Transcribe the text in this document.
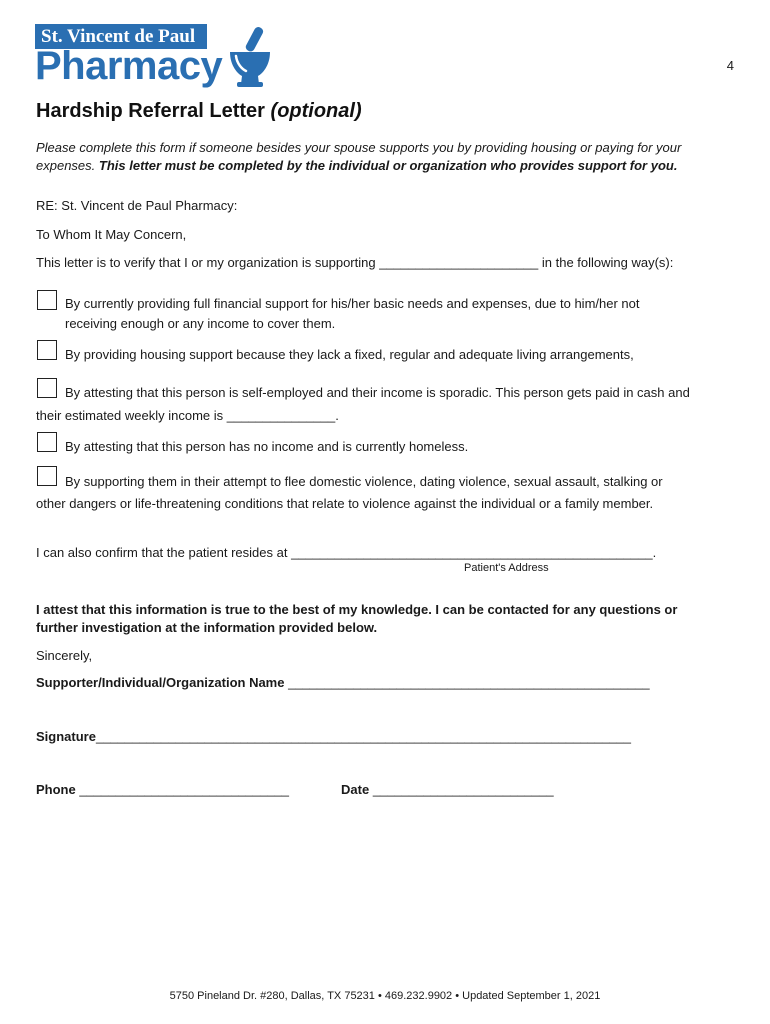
St. Vincent de Paul
Pharmacy	4
Hardship Referral Letter (optional)
Please complete this form if someone besides your spouse supports you by providing housing or paying for your expenses. This letter must be completed by the individual or organization who provides support for you.
RE: St. Vincent de Paul Pharmacy:
To Whom It May Concern,
This letter is to verify that I or my organization is supporting ______________________ in the following way(s):
By currently providing full financial support for his/her basic needs and expenses, due to him/her not
receiving enough or any income to cover them.
By providing housing support because they lack a fixed, regular and adequate living arrangements,
By attesting that this person is self-employed and their income is sporadic. This person gets paid in cash and
their estimated weekly income is _______________.
By attesting that this person has no income and is currently homeless.
By supporting them in their attempt to flee domestic violence, dating violence, sexual assault, stalking or
other dangers or life-threatening conditions that relate to violence against the individual or a family member.
I can also confirm that the patient resides at __________________________________________________.
Patient's Address
I attest that this information is true to the best of my knowledge. I can be contacted for any questions or
further investigation at the information provided below.
Sincerely,
Supporter/Individual/Organization Name __________________________________________________
Signature__________________________________________________________________________
Phone _____________________________	Date _________________________
5750 Pineland Dr. #280, Dallas, TX 75231 • 469.232.9902 • Updated September 1, 2021
